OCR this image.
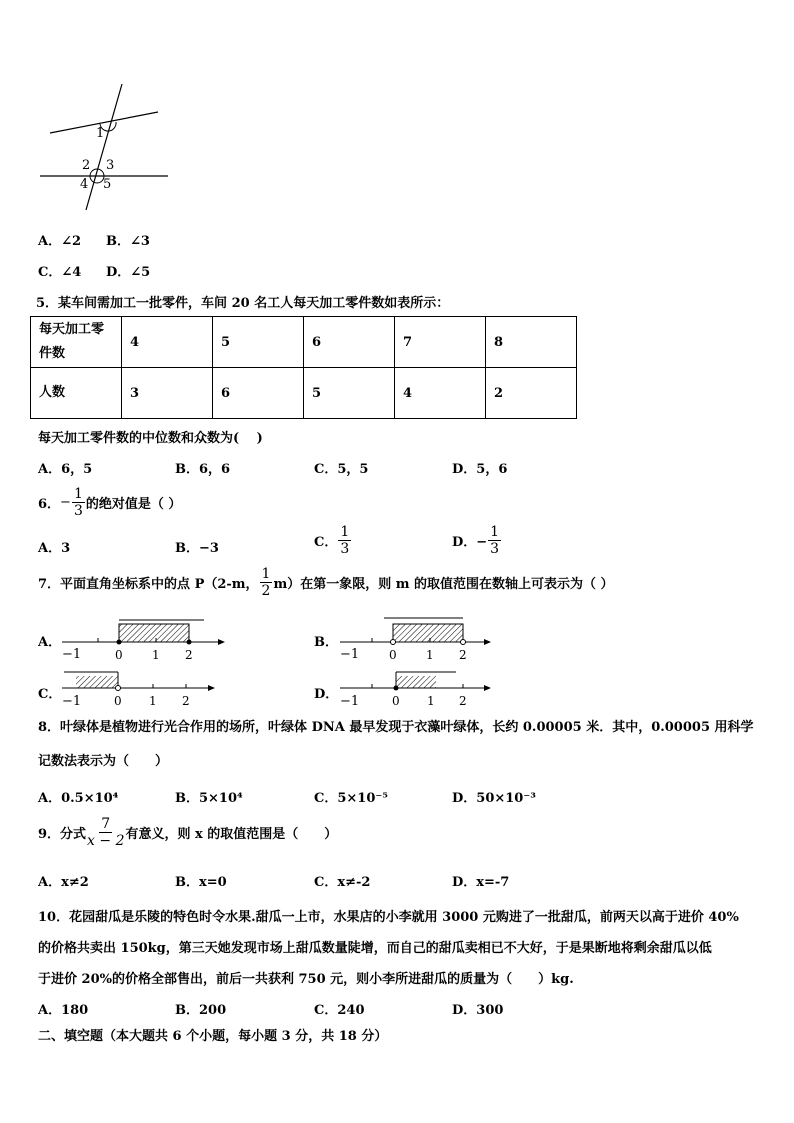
1
2 3
4 5
A．∠2 B．∠3
C．∠4 D．∠5
5．某车间需加工一批零件，车间 20 名工人每天加工零件数如表所示：
每天加工零
件数	4	5	6	7	8
人数	3	6	5	4	2
每天加工零件数的中位数和众数为(　 )
A．6，5	B．6，6	C．5，5	D．5，6
6． − $\frac{1}{3}$ 的绝对值是（ ）
A．3	B．−3	C． $\frac{1}{3}$	D．− $\frac{1}{3}$
7．平面直角坐标系中的点 P（2-m， $\frac{1}{2} m$）在第一象限，则 m 的取值范围在数轴上可表示为（ ）
A．
−1	0 1 2
B．
−1 0 1 2
C． −1	0 1 2	D． −1	0 1 2
8．叶绿体是植物进行光合作用的场所，叶绿体 DNA 最早发现于衣藻叶绿体，长约 0.00005 米．其中，0.00005 用科学
记数法表示为（　　）
A．0.5×10⁴	B．5×10⁴	C．5×10⁻⁵	D．50×10⁻³
9．分式 $\frac{7}{x - 2}$ 有意义，则 x 的取值范围是（　　）
A．x≠2	B．x=0	C．x≠-2	D．x=-7
10．花园甜瓜是乐陵的特色时令水果.甜瓜一上市，水果店的小李就用 3000 元购进了一批甜瓜，前两天以高于进价 40%
的价格共卖出 150kg，第三天她发现市场上甜瓜数量陡增，而自己的甜瓜卖相已不大好，于是果断地将剩余甜瓜以低
于进价 20%的价格全部售出，前后一共获利 750 元，则小李所进甜瓜的质量为（　　）kg.
A．180	B．200	C．240	D．300
二、填空题（本大题共 6 个小题，每小题 3 分，共 18 分）
